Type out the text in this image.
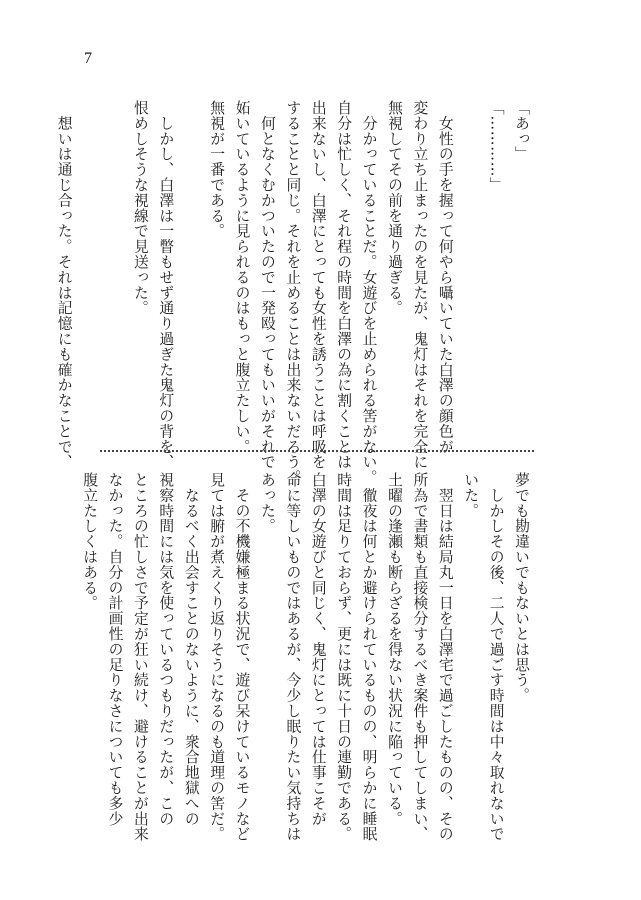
7
「あっ」
「…………」

　女性の手を握って何やら囁いていた白澤の顔色が
変わり立ち止まったのを見たが、鬼灯はそれを完全に
無視してその前を通り過ぎる。
　分かっていることだ。女遊びを止められる筈がない。
自分は忙しく、それ程の時間を白澤の為に割くことは
出来ないし、白澤にとっても女性を誘うことは呼吸を
することと同じ。それを止めることは出来ないだろう。
　何となくむかついたので一発殴ってもいいがそれで
妬いているように見られるのはもっと腹立たしい。
無視が一番である。

　しかし、白澤は一瞥もせず通り過ぎた鬼灯の背を、
恨めしそうな視線で見送った。

　想いは通じ合った。それは記憶にも確かなことで、
夢でも勘違いでもないとは思う。
　しかしその後、二人で過ごす時間は中々取れないで
いた。
　翌日は結局丸一日を白澤宅で過ごしたものの、その
所為で書類も直接検分するべき案件も押してしまい、
土曜の逢瀬も断らざるを得ない状況に陥っている。
　徹夜は何とか避けられているものの、明らかに睡眠
時間は足りておらず、更には既に十日の連勤である。
白澤の女遊びと同じく、鬼灯にとっては仕事こそが
命に等しいものではあるが、今少し眠りたい気持ちは
あった。
　その不機嫌極まる状況で、遊び呆けているモノなど
見ては腑が煮えくり返りそうになるのも道理の筈だ。
　なるべく出会すことのないように、衆合地獄への
視察時間には気を使っているつもりだったが、この
ところの忙しさで予定が狂い続け、避けることが出来
なかった。自分の計画性の足りなさについても多少
腹立たしくはある。
